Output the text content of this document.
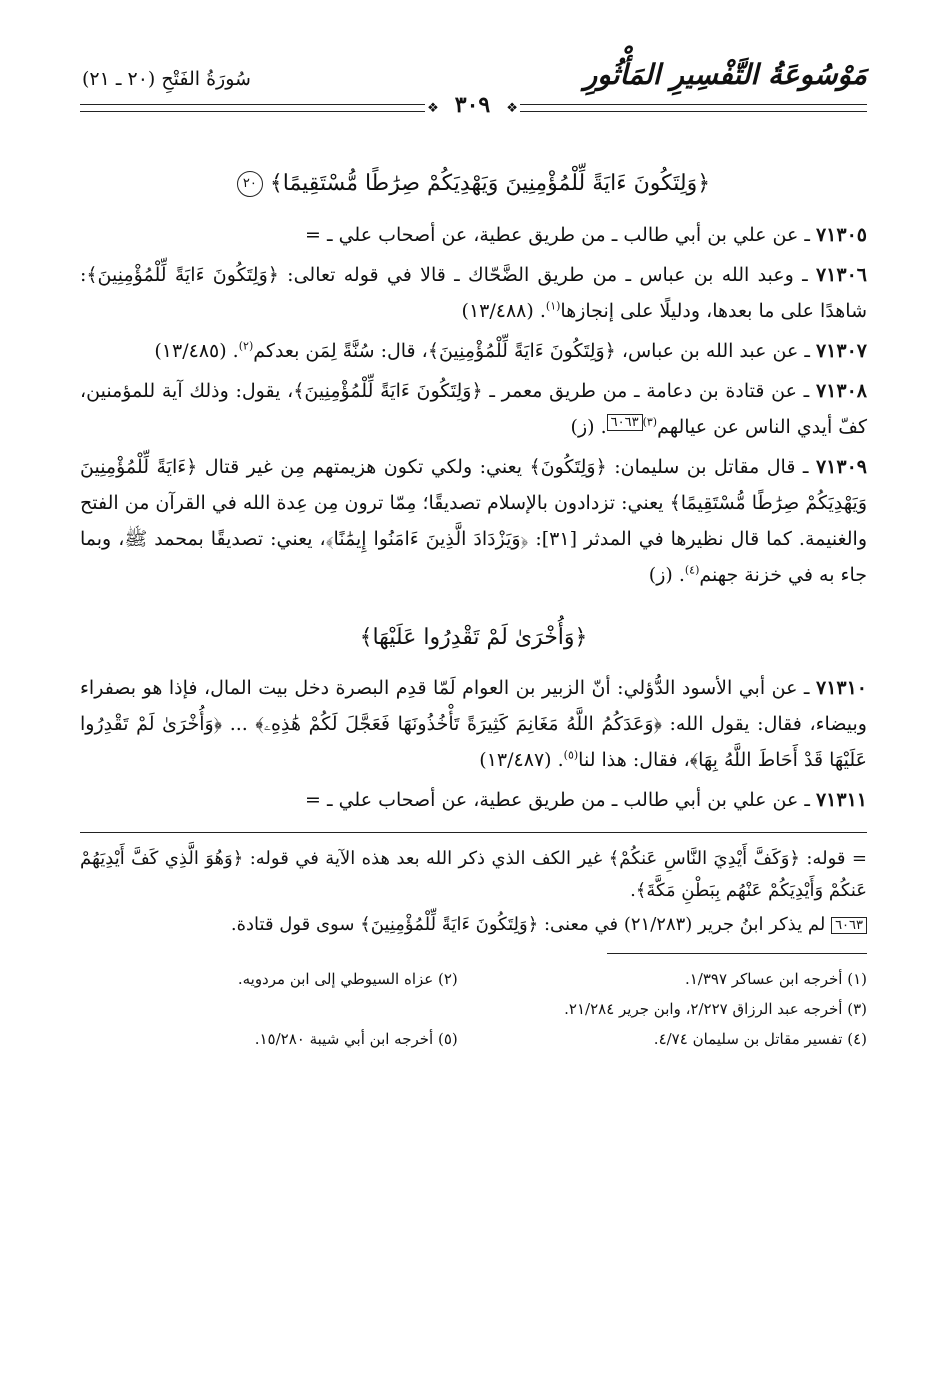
مَوْسُوعَةُ التَّفْسِيرِ المَأْثُورِ
سُورَةُ الفَتْحِ (٢٠ ـ ٢١)
❖ ٣٠٩ ❖
﴿وَلِتَكُونَ ءَايَةً لِّلْمُؤْمِنِينَ وَيَهْدِيَكُمْ صِرَٰطًا مُّسْتَقِيمًا﴾ ٢٠

٧١٣٠٥ ـ عن علي بن أبي طالب ـ من طريق عطية، عن أصحاب علي ـ =

٧١٣٠٦ ـ وعبد الله بن عباس ـ من طريق الضَّحّاك ـ قالا في قوله تعالى: ﴿وَلِتَكُونَ ءَايَةً لِّلْمُؤْمِنِينَ﴾: شاهدًا على ما بعدها، ودليلًا على إنجازها$^{(١)}$. (١٣/٤٨٨)

٧١٣٠٧ ـ عن عبد الله بن عباس، ﴿وَلِتَكُونَ ءَايَةً لِّلْمُؤْمِنِينَ﴾، قال: سُنَّةً لِمَن بعدكم$^{(٢)}$. (١٣/٤٨٥)

٧١٣٠٨ ـ عن قتادة بن دعامة ـ من طريق معمر ـ ﴿وَلِتَكُونَ ءَايَةً لِّلْمُؤْمِنِينَ﴾، يقول: وذلك آية للمؤمنين، كفّ أيدي الناس عن عيالهم$^{(٣)}$٦٠٦٣. (ز)

٧١٣٠٩ ـ قال مقاتل بن سليمان: ﴿وَلِتَكُونَ﴾ يعني: ولكي تكون هزيمتهم مِن غير قتال ﴿ءَايَةً لِّلْمُؤْمِنِينَ وَيَهْدِيَكُمْ صِرَٰطًا مُّسْتَقِيمًا﴾ يعني: تزدادون بالإسلام تصديقًا؛ مِمّا ترون مِن عِدة الله في القرآن من الفتح والغنيمة. كما قال نظيرها في المدثر [٣١]: ﴿وَيَزْدَادَ الَّذِينَ ءَامَنُوا إِيمَٰنًا﴾، يعني: تصديقًا بمحمد ﷺ، وبما جاء به في خزنة جهنم$^{(٤)}$. (ز)

﴿وَأُخْرَىٰ لَمْ تَقْدِرُوا عَلَيْهَا﴾

٧١٣١٠ ـ عن أبي الأسود الدُّؤلي: أنّ الزبير بن العوام لَمّا قدِم البصرة دخل بيت المال، فإذا هو بصفراء وبيضاء، فقال: يقول الله: ﴿وَعَدَكُمُ اللَّهُ مَغَانِمَ كَثِيرَةً تَأْخُذُونَهَا فَعَجَّلَ لَكُمْ هَٰذِهِۦ﴾ ... ﴿وَأُخْرَىٰ لَمْ تَقْدِرُوا عَلَيْهَا قَدْ أَحَاطَ اللَّهُ بِهَا﴾، فقال: هذا لنا$^{(٥)}$. (١٣/٤٨٧)

٧١٣١١ ـ عن علي بن أبي طالب ـ من طريق عطية، عن أصحاب علي ـ =

= قوله: ﴿وَكَفَّ أَيْدِيَ النَّاسِ عَنكُمْ﴾ غير الكف الذي ذكر الله بعد هذه الآية في قوله: ﴿وَهُوَ الَّذِي كَفَّ أَيْدِيَهُمْ عَنكُمْ وَأَيْدِيَكُمْ عَنْهُم بِبَطْنِ مَكَّةَ﴾.

٦٠٦٣ لم يذكر ابنُ جرير (٢١/٢٨٣) في معنى: ﴿وَلِتَكُونَ ءَايَةً لِّلْمُؤْمِنِينَ﴾ سوى قول قتادة.

(١) أخرجه ابن عساكر ١/٣٩٧.
(٢) عزاه السيوطي إلى ابن مردويه.
(٣) أخرجه عبد الرزاق ٢/٢٢٧، وابن جرير ٢١/٢٨٤.
(٤) تفسير مقاتل بن سليمان ٤/٧٤.
(٥) أخرجه ابن أبي شيبة ١٥/٢٨٠.
